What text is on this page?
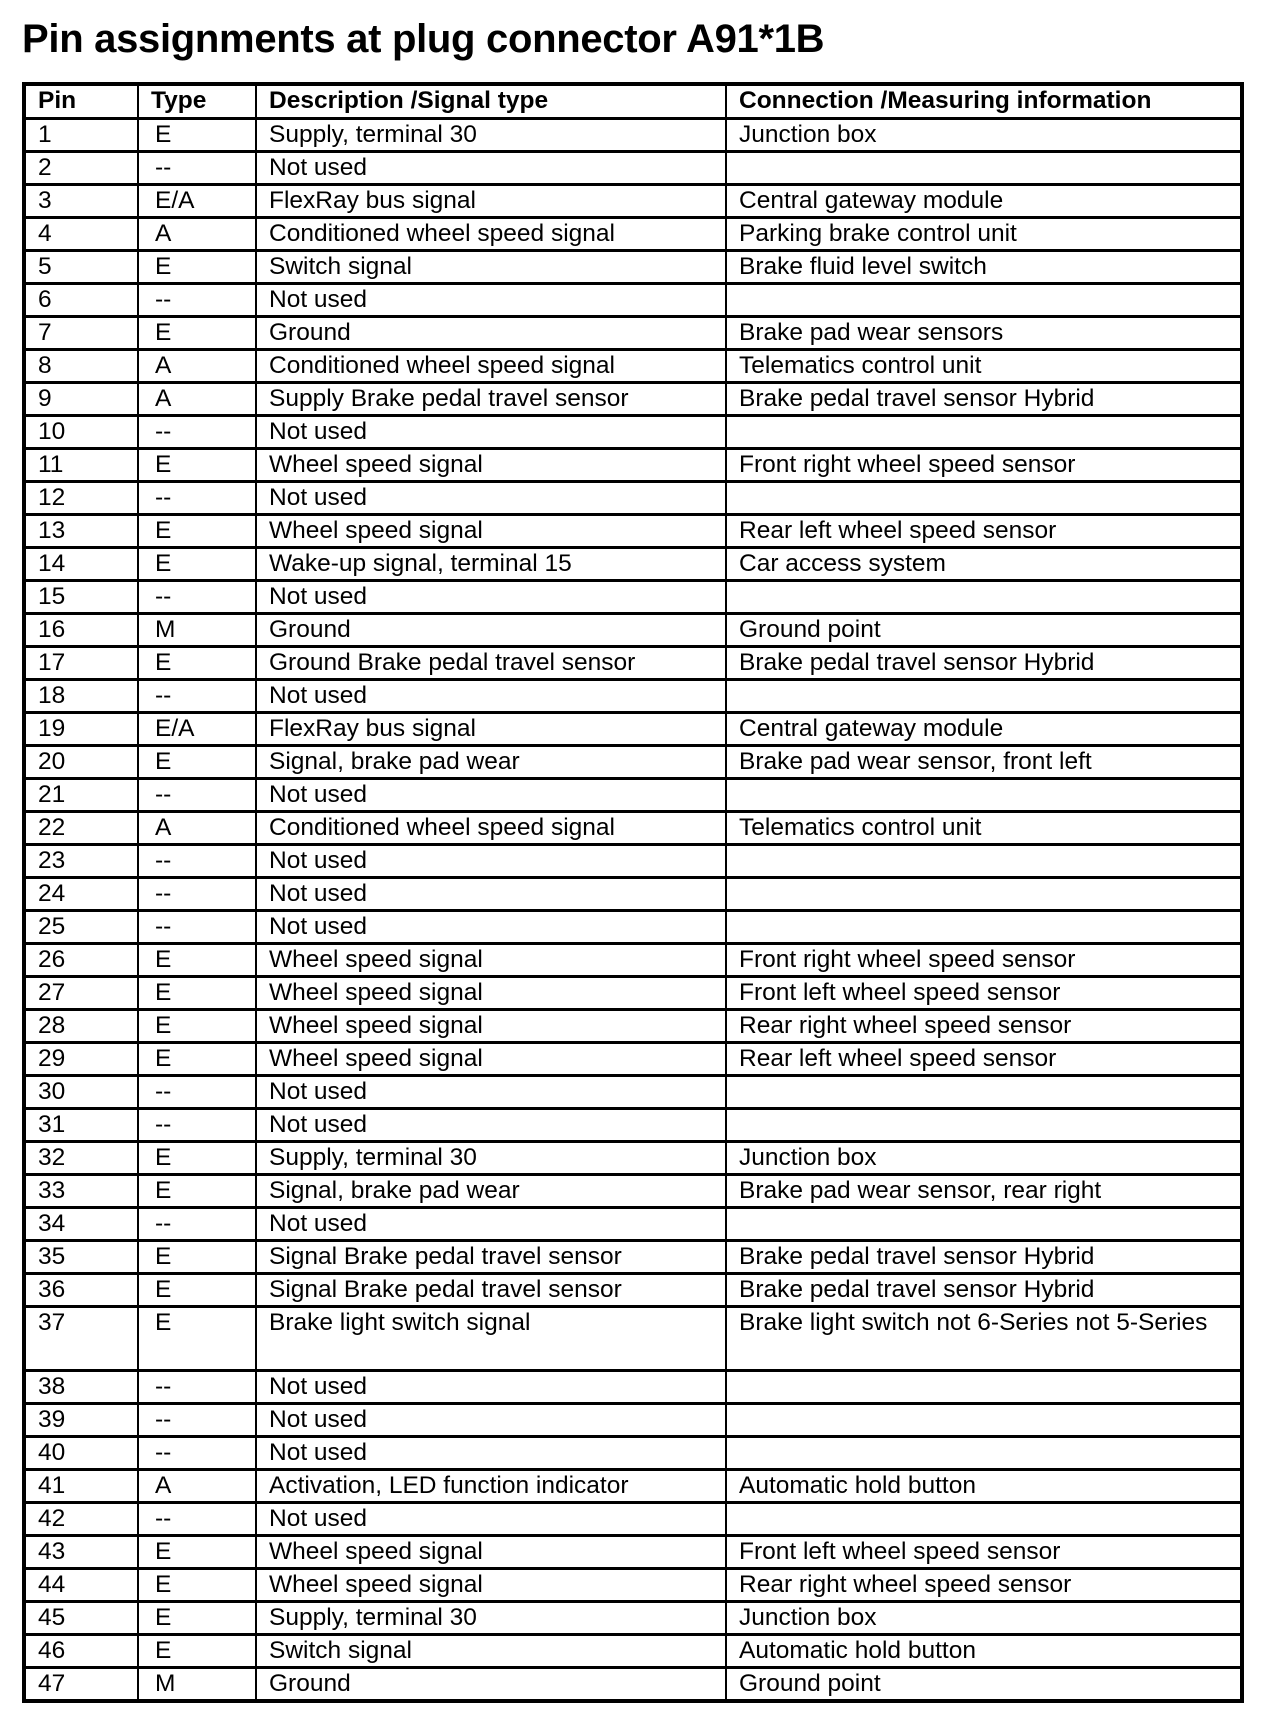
Pin assignments at plug connector A91*1B
Pin	Type	Description /Signal type	Connection /Measuring information
1	E	Supply, terminal 30	Junction box
2	--	Not used	
3	E/A	FlexRay bus signal	Central gateway module
4	A	Conditioned wheel speed signal	Parking brake control unit
5	E	Switch signal	Brake fluid level switch
6	--	Not used	
7	E	Ground	Brake pad wear sensors
8	A	Conditioned wheel speed signal	Telematics control unit
9	A	Supply Brake pedal travel sensor	Brake pedal travel sensor Hybrid
10	--	Not used	
11	E	Wheel speed signal	Front right wheel speed sensor
12	--	Not used	
13	E	Wheel speed signal	Rear left wheel speed sensor
14	E	Wake-up signal, terminal 15	Car access system
15	--	Not used	
16	M	Ground	Ground point
17	E	Ground Brake pedal travel sensor	Brake pedal travel sensor Hybrid
18	--	Not used	
19	E/A	FlexRay bus signal	Central gateway module
20	E	Signal, brake pad wear	Brake pad wear sensor, front left
21	--	Not used	
22	A	Conditioned wheel speed signal	Telematics control unit
23	--	Not used	
24	--	Not used	
25	--	Not used	
26	E	Wheel speed signal	Front right wheel speed sensor
27	E	Wheel speed signal	Front left wheel speed sensor
28	E	Wheel speed signal	Rear right wheel speed sensor
29	E	Wheel speed signal	Rear left wheel speed sensor
30	--	Not used	
31	--	Not used	
32	E	Supply, terminal 30	Junction box
33	E	Signal, brake pad wear	Brake pad wear sensor, rear right
34	--	Not used	
35	E	Signal Brake pedal travel sensor	Brake pedal travel sensor Hybrid
36	E	Signal Brake pedal travel sensor	Brake pedal travel sensor Hybrid
37	E	Brake light switch signal	Brake light switch not 6-Series not 5-Series
38	--	Not used	
39	--	Not used	
40	--	Not used	
41	A	Activation, LED function indicator	Automatic hold button
42	--	Not used	
43	E	Wheel speed signal	Front left wheel speed sensor
44	E	Wheel speed signal	Rear right wheel speed sensor
45	E	Supply, terminal 30	Junction box
46	E	Switch signal	Automatic hold button
47	M	Ground	Ground point
